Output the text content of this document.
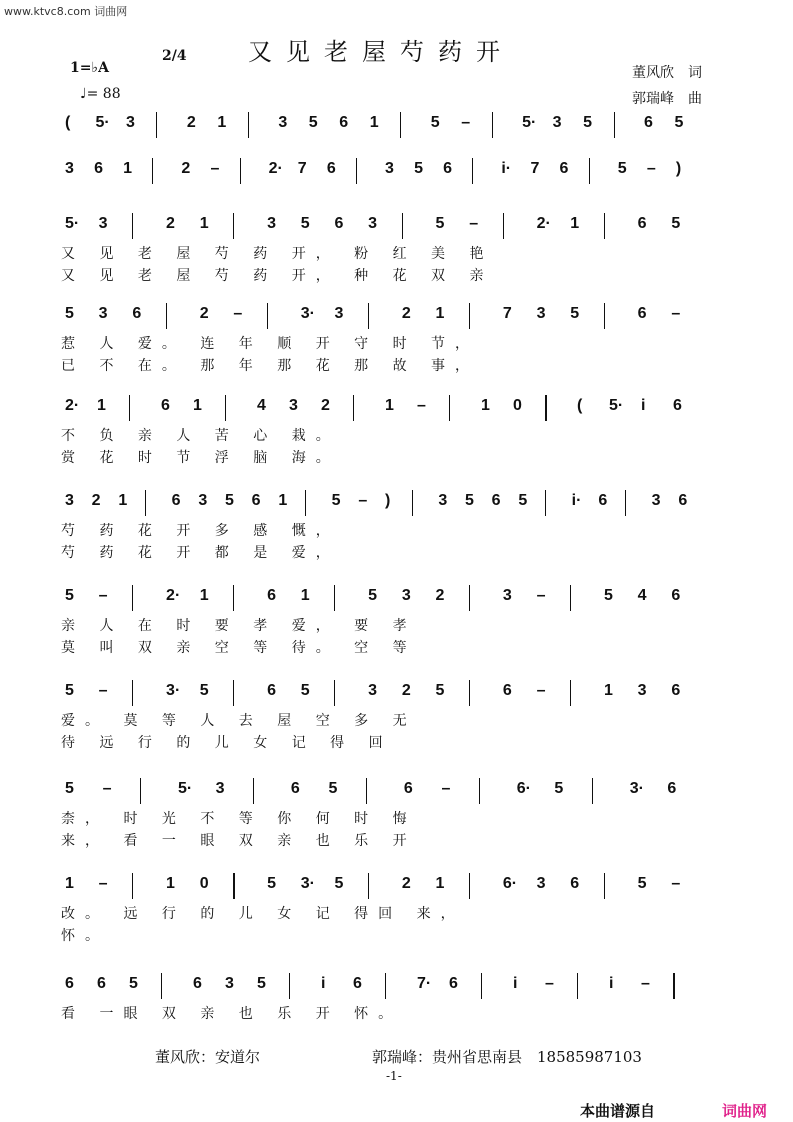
www.ktvc8.com 词曲网
又见老屋芍药开
1=♭A
2/4
♩= 88
董风欣　词
郭瑞峰　曲
( 5· 3	2 1	3 5 6 1	5 –	5· 3 5	6 5
3 6 1	2 –	2· 7 6	3 5 6	i· 7 6	5 – )
5· 3	2 1	3 5 6 3	5 –	2· 1	6 5
又 见 老 屋 芍 药 开， 粉 红 美 艳
又 见 老 屋 芍 药 开， 种 花 双 亲
5 3 6	2 –	3· 3	2 1	7 3 5	6 –
惹 人 爱。 连 年 顺 开 守 时 节，
已 不 在。 那 年 那 花 那 故 事，
2· 1	6 1	4 3 2	1 –	1 0	( 5· i 6
不 负 亲 人 苦 心 栽。
赏 花 时 节 浮 脑 海。
3 2 1	6 3 5 6 1	5 – )	3 5 6 5	i· 6	3 6
芍 药 花 开 多 感 慨，
芍 药 花 开 都 是 爱，
5 –	2· 1	6 1	5 3 2	3 –	5 4 6
亲 人 在 时 要 孝 爱， 要 孝
莫 叫 双 亲 空 等 待。 空 等
5 –	3· 5	6 5	3 2 5	6 –	1 3 6
爱。 莫 等 人 去 屋 空 多 无
待 远 行 的 儿 女 记 得 回
5 –	5· 3	6 5	6 –	6· 5	3· 6
柰， 时 光 不 等 你 何 时 悔
来， 看 一 眼 双 亲 也 乐 开
1 –	1 0	5 3· 5	2 1	6· 3 6	5 –
改。 远 行 的 儿 女 记 得回 来，
怀。
6 6 5	6 3 5	i 6	7· 6	i –	i –
看 一眼 双 亲 也 乐 开 怀。
董风欣：安道尔	郭瑞峰：贵州省思南县　18585987103
-1-
本曲谱源自	词曲网
